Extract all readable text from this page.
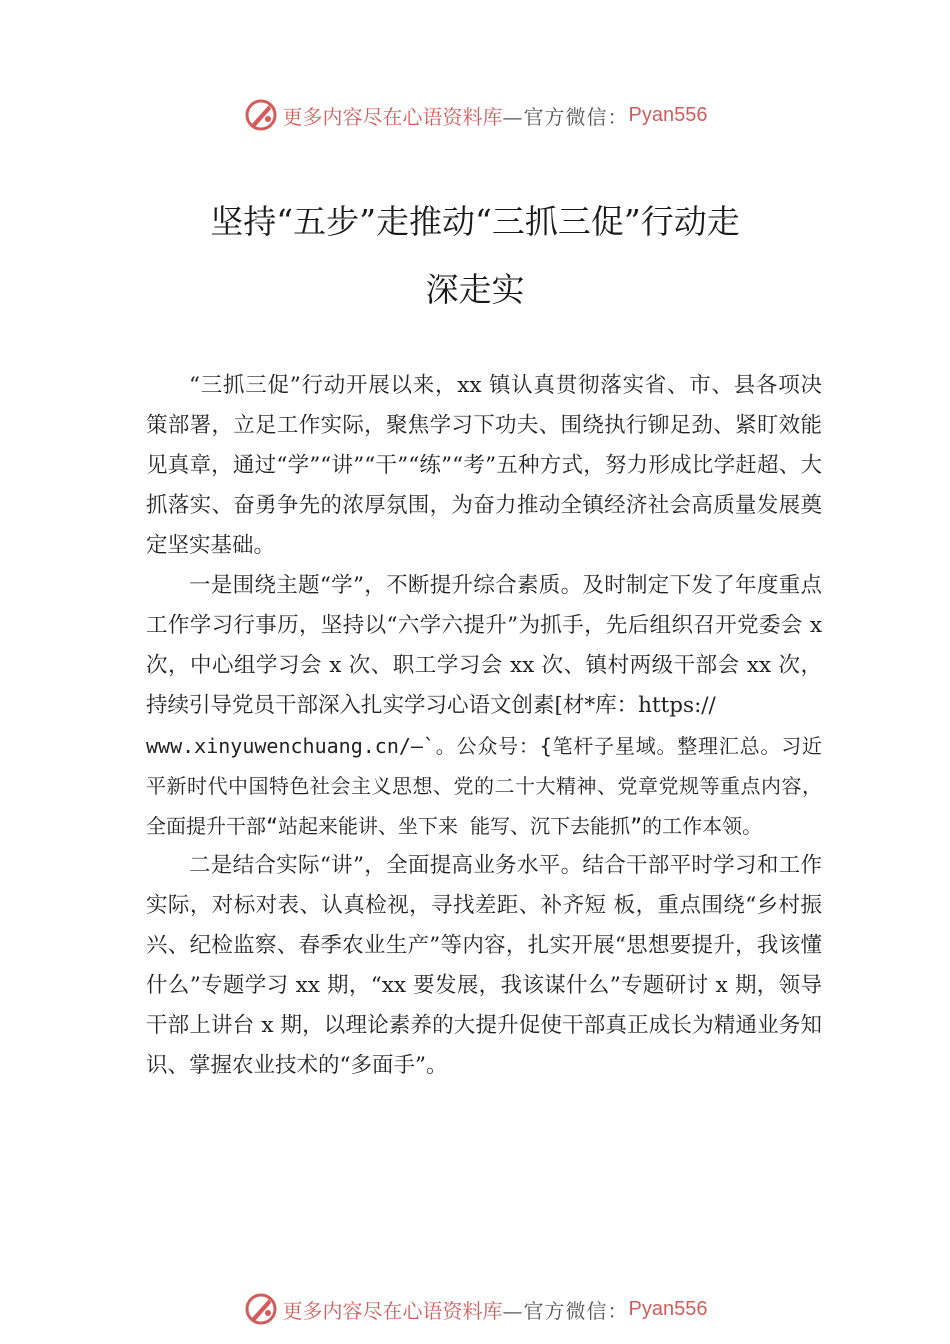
更多内容尽在心语资料库 —官方微信： Pyan556
坚持“五步”走推动“三抓三促”行动走
深走实

“三抓三促”行动开展以来，xx 镇认真贯彻落实省、市、县各项决策部署，立足工作实际，聚焦学习下功夫、围绕执行铆足劲、紧盯效能见真章，通过“学”“讲”“干”“练”“考”五种方式，努力形成比学赶超、大抓落实、奋勇争先的浓厚氛围，为奋力推动全镇经济社会高质量发展奠定坚实基础。

一是围绕主题“学”，不断提升综合素质。及时制定下发了年度重点工作学习行事历，坚持以“六学六提升”为抓手，先后组织召开党委会 x 次，中心组学习会 x 次、职工学习会 xx 次、镇村两级干部会 xx 次，持续引导党员干部深入扎实学习心语文创素[材*库：https://

www.xinyuwenchuang.cn/—`。公众号：{笔杆子星域。整理汇总。习近平新时代中国特色社会主义思想、党的二十大精神、党章党规等重点内容，全面提升干部“站起来能讲、坐下来 能写、沉下去能抓”的工作本领。

二是结合实际“讲”，全面提高业务水平。结合干部平时学习和工作实际，对标对表、认真检视，寻找差距、补齐短 板，重点围绕“乡村振兴、纪检监察、春季农业生产”等内容，扎实开展“思想要提升，我该懂什么”专题学习 xx 期，“xx 要发展，我该谋什么”专题研讨 x 期，领导干部上讲台 x 期，以理论素养的大提升促使干部真正成长为精通业务知识、掌握农业技术的“多面手”。

更多内容尽在心语资料库 —官方微信： Pyan556
